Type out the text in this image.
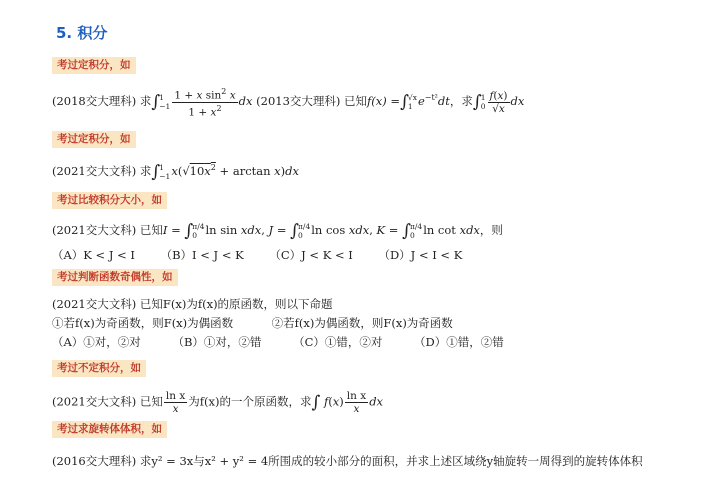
5. 积分
考过定积分，如
(2018交大理科) 求∫ 1
$-1 \frac{1 + x \sin^2 x}{1 + x^2}$ dx (2013交大理科) 已知f(x) =∫ √x
1 $e^{-t^2}dt$，求∫ 1
$0 \frac{f(x)}{√x}$ dx
考过定积分，如
(2021交大文科) 求∫ 1
−1 $x(√10x^2 + \arctan x)dx$
考过比较积分大小，如
(2021交大文科) 已知I = ∫ π/4
0 ln sin xdx, J = ∫ π/4
0 ln cos xdx, K = ∫ π/4
0 ln cot xdx，则
（A）K < J < I （B）I < J < K （C）J < K < I （D）J < I < K
考过判断函数奇偶性，如
(2021交大文科) 已知F(x)为f(x)的原函数，则以下命题
①若f(x)为奇函数，则F(x)为偶函数	②若f(x)为偶函数，则F(x)为奇函数
（A）①对，②对	（B）①对，②错	（C）①错，②对	（D）①错，②错
考过不定积分，如
(2021交大文科) 已知 $\frac{\text{ln x}}{x}$ 为f(x)的一个原函数，求∫ $f(x) \frac{\text{ln x}}{x}$ dx
考过求旋转体体积，如
(2016交大理科) 求y² = 3x与x² + y² = 4所围成的较小部分的面积，并求上述区域绕y轴旋转一周得到的旋转体体积
